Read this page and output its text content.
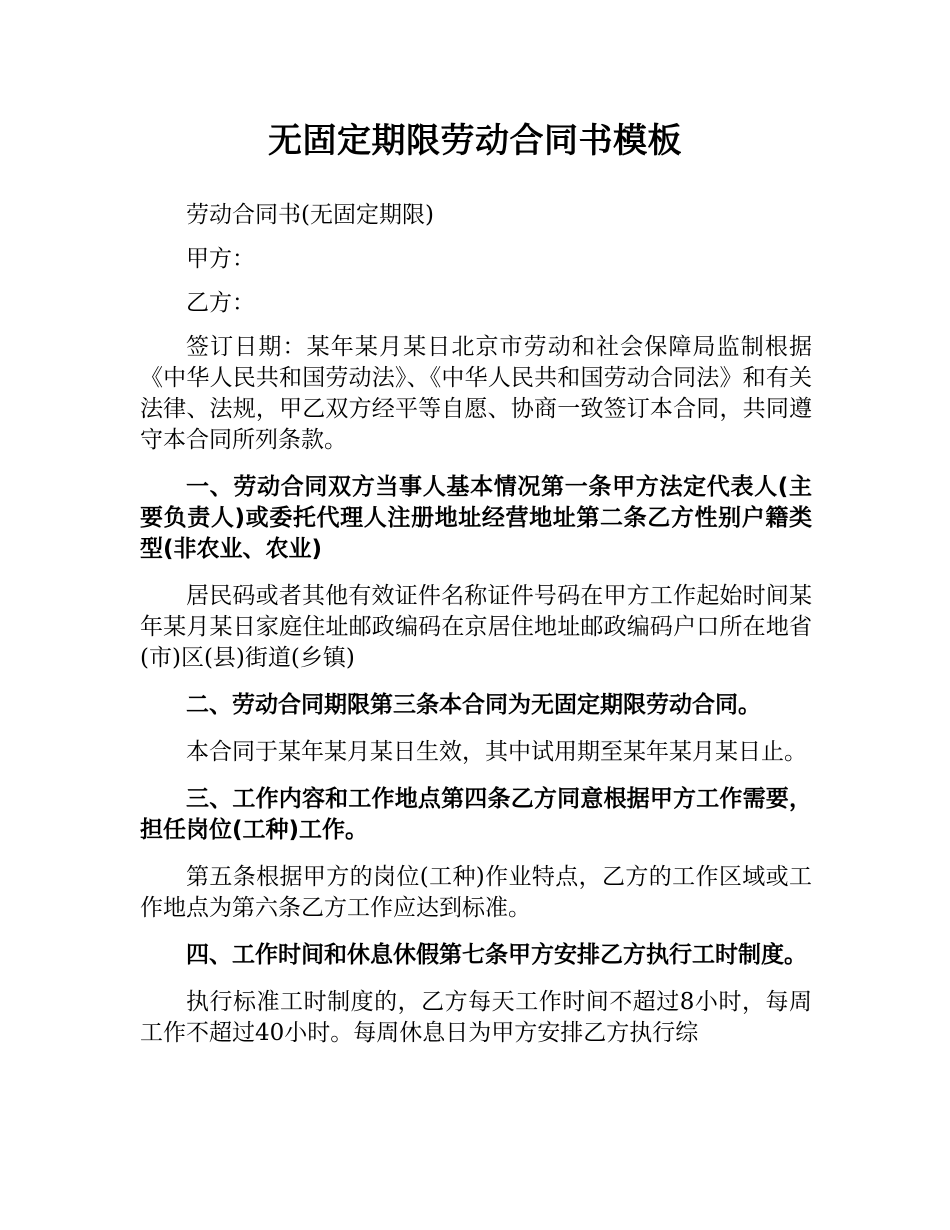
无固定期限劳动合同书模板

劳动合同书(无固定期限)

甲方：

乙方：

签订日期：某年某月某日北京市劳动和社会保障局监制根据《中华人民共和国劳动法》、《中华人民共和国劳动合同法》和有关法律、法规，甲乙双方经平等自愿、协商一致签订本合同，共同遵守本合同所列条款。

一、劳动合同双方当事人基本情况第一条甲方法定代表人(主要负责人)或委托代理人注册地址经营地址第二条乙方性别户籍类型(非农业、农业)

居民码或者其他有效证件名称证件号码在甲方工作起始时间某年某月某日家庭住址邮政编码在京居住地址邮政编码户口所在地省(市)区(县)街道(乡镇)

二、劳动合同期限第三条本合同为无固定期限劳动合同。

本合同于某年某月某日生效，其中试用期至某年某月某日止。

三、工作内容和工作地点第四条乙方同意根据甲方工作需要，担任岗位(工种)工作。

第五条根据甲方的岗位(工种)作业特点，乙方的工作区域或工作地点为第六条乙方工作应达到标准。

四、工作时间和休息休假第七条甲方安排乙方执行工时制度。

执行标准工时制度的，乙方每天工作时间不超过8小时，每周工作不超过40小时。每周休息日为甲方安排乙方执行综
